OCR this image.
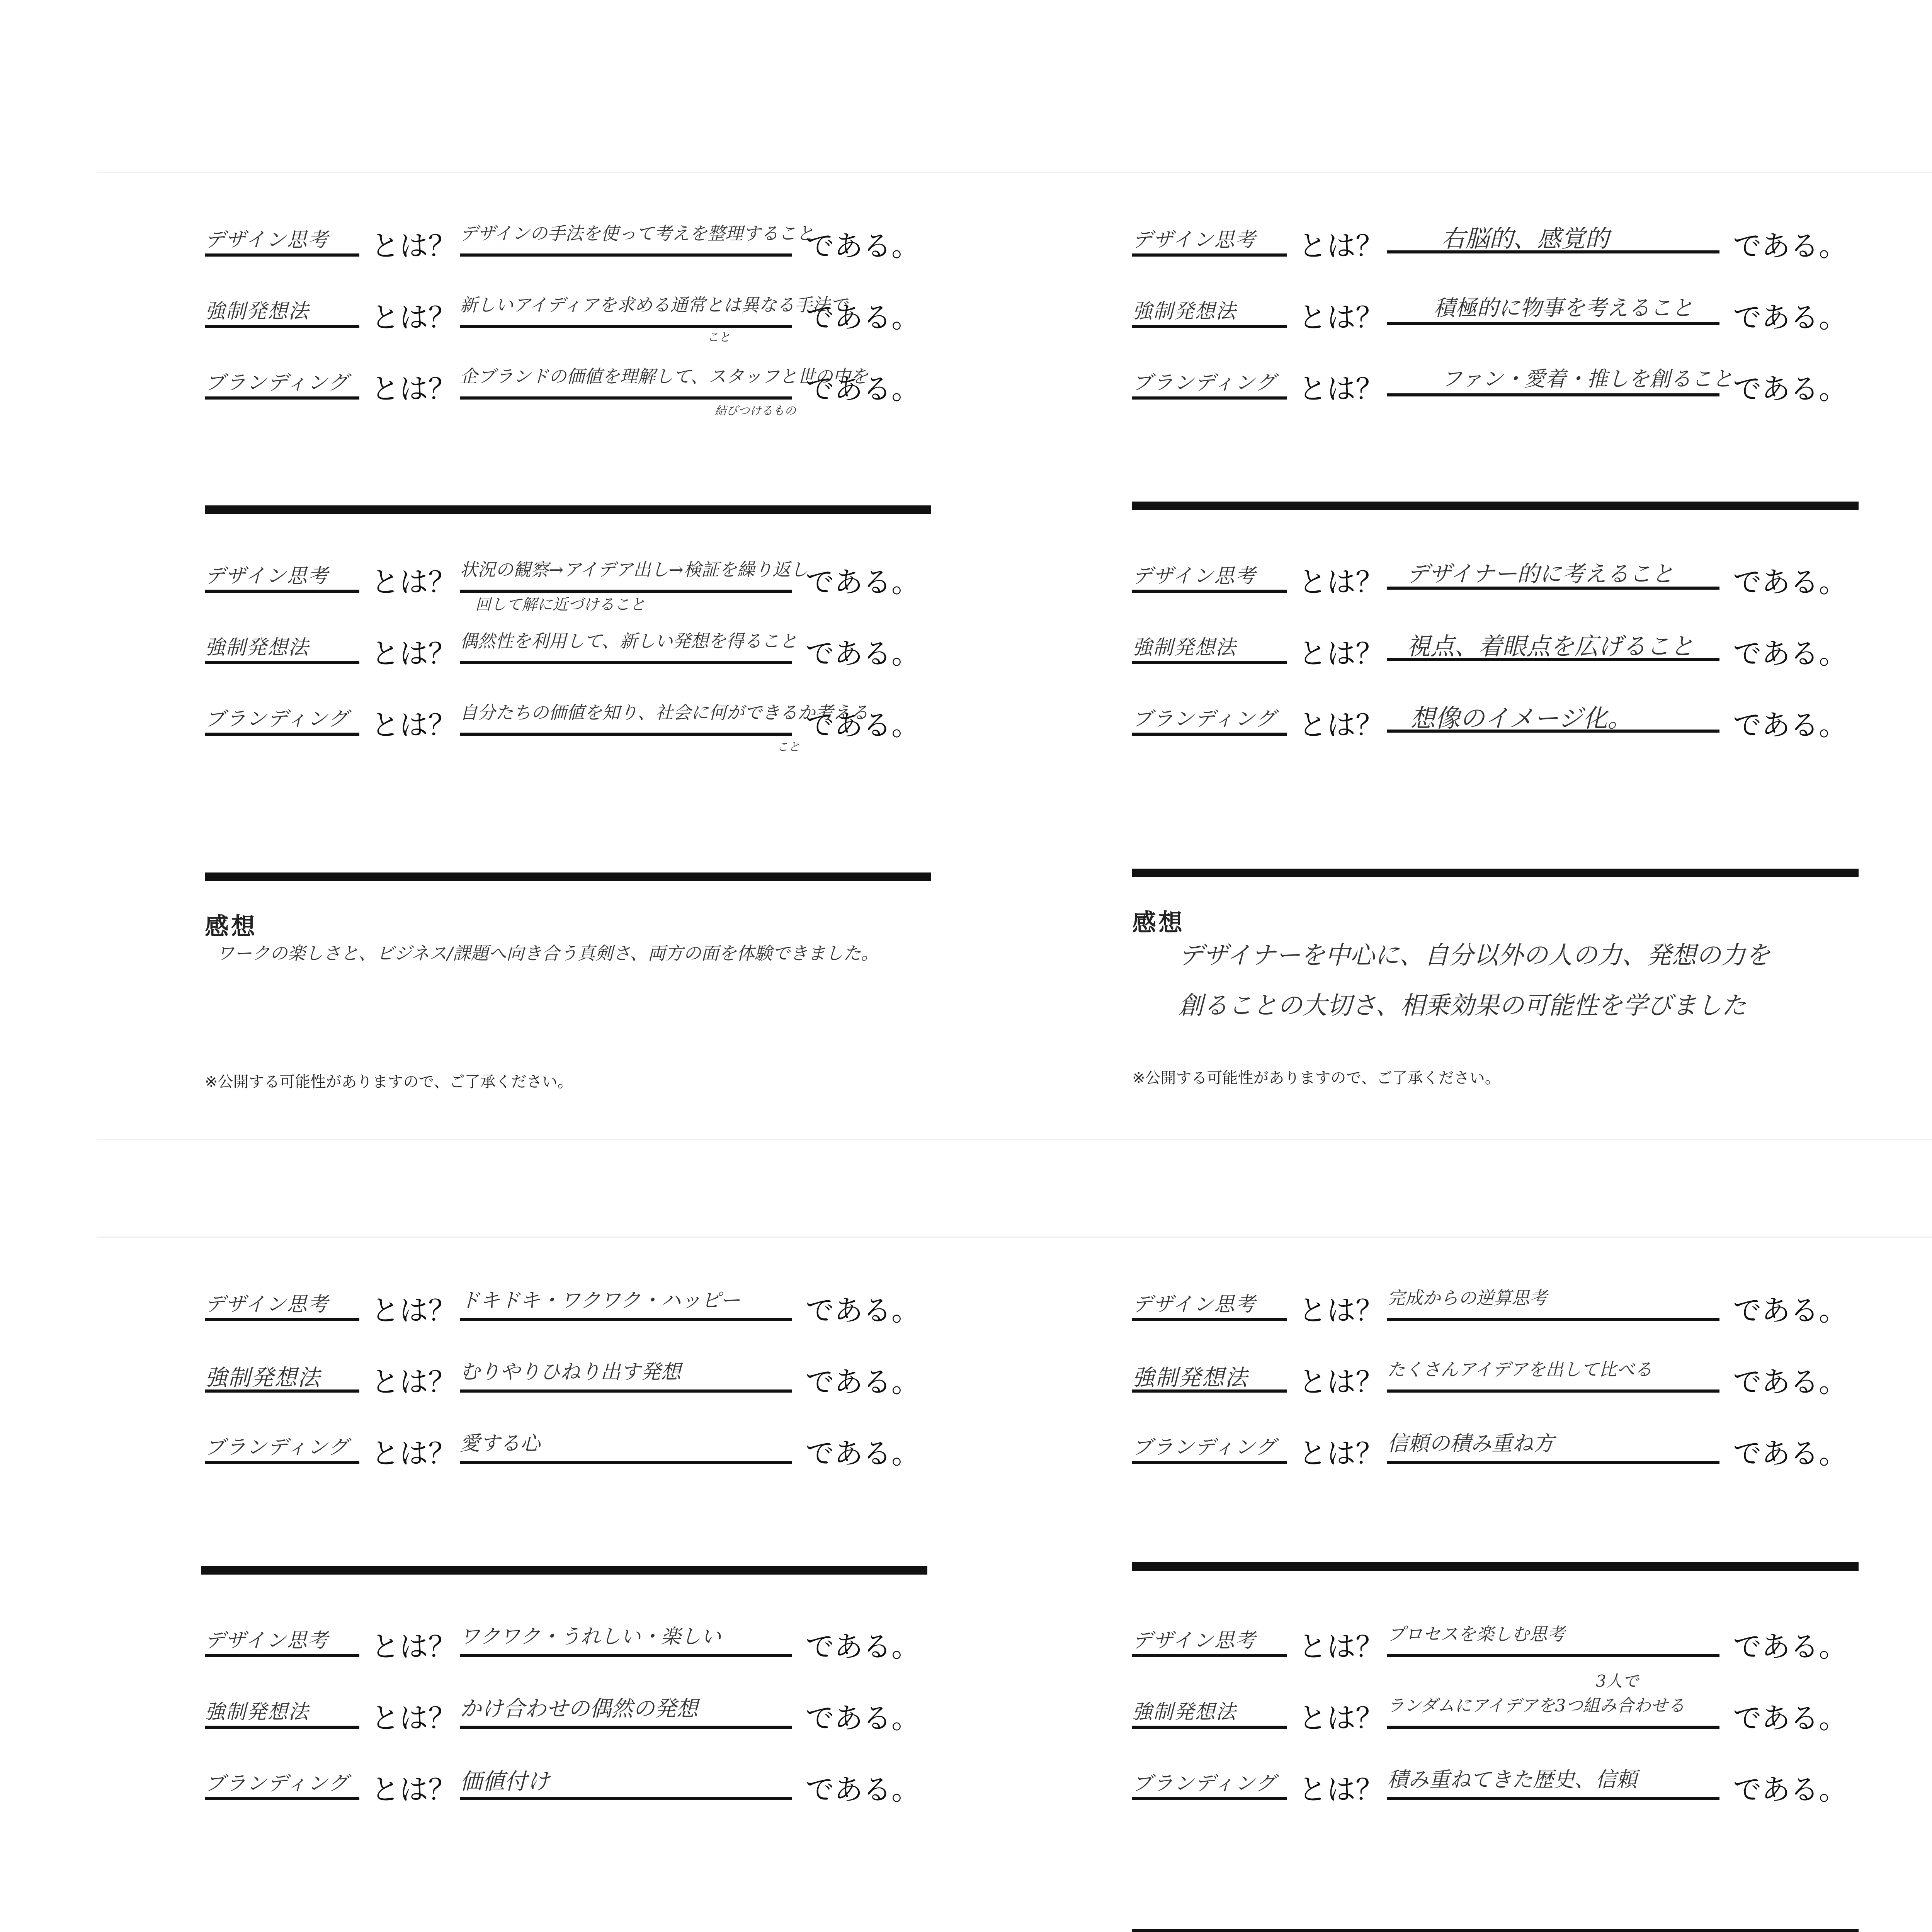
デザイン思考	とは？ デザインの手法を使って考えを整理すること
である。
強制発想法	とは？ 新しいアイディアを求める通常とは異なる手法で
こと
である。
ブランディング とは？ 企ブランドの価値を理解して、スタッフと世の中を
結びつけるもの
である。
デザイン思考	とは？ 状況の観察→アイデア出し→検証を繰り返し
回して解に近づけること
である。
強制発想法	とは？ 偶然性を利用して、新しい発想を得ること である。
ブランディング とは？ 自分たちの価値を知り、社会に何ができるか考える
こと
である。
感想
ワークの楽しさと、ビジネス/課題へ向き合う真剣さ、両方の面を体験できました。
※公開する可能性がありますので、ご了承ください。
デザイン思考	とは？	右脳的、感覚的	である。
強制発想法	とは？	積極的に物事を考えること	である。
ブランディング とは？	ファン・愛着・推しを創ること である。
デザイン思考	とは？	デザイナー的に考えること	である。
強制発想法	とは？ 視点、着眼点を広げること	である。
ブランディング とは？	想像のイメージ化。	である。
感想
デザイナーを中心に、自分以外の人の力、発想の力を
創ることの大切さ、相乗効果の可能性を学びました
※公開する可能性がありますので、ご了承ください。
デザイン思考	とは？ ドキドキ・ワクワク・ハッピー	である。
強制発想法	とは？ むりやりひねり出す発想	である。
ブランディング とは？ 愛する心	である。
デザイン思考	とは？ ワクワク・うれしい・楽しい	である。
強制発想法	とは？ かけ合わせの偶然の発想	である。
ブランディング とは？ 価値付け	である。
デザイン思考	とは？ 完成からの逆算思考	である。
強制発想法	とは？ たくさんアイデアを出して比べる	である。
ブランディング とは？ 信頼の積み重ね方	である。
デザイン思考	とは？ プロセスを楽しむ思考	である。
強制発想法	とは？ ランダムにアイデアを3つ組み合わせる
3人で
である。
ブランディング とは？ 積み重ねてきた歴史、信頼	である。
